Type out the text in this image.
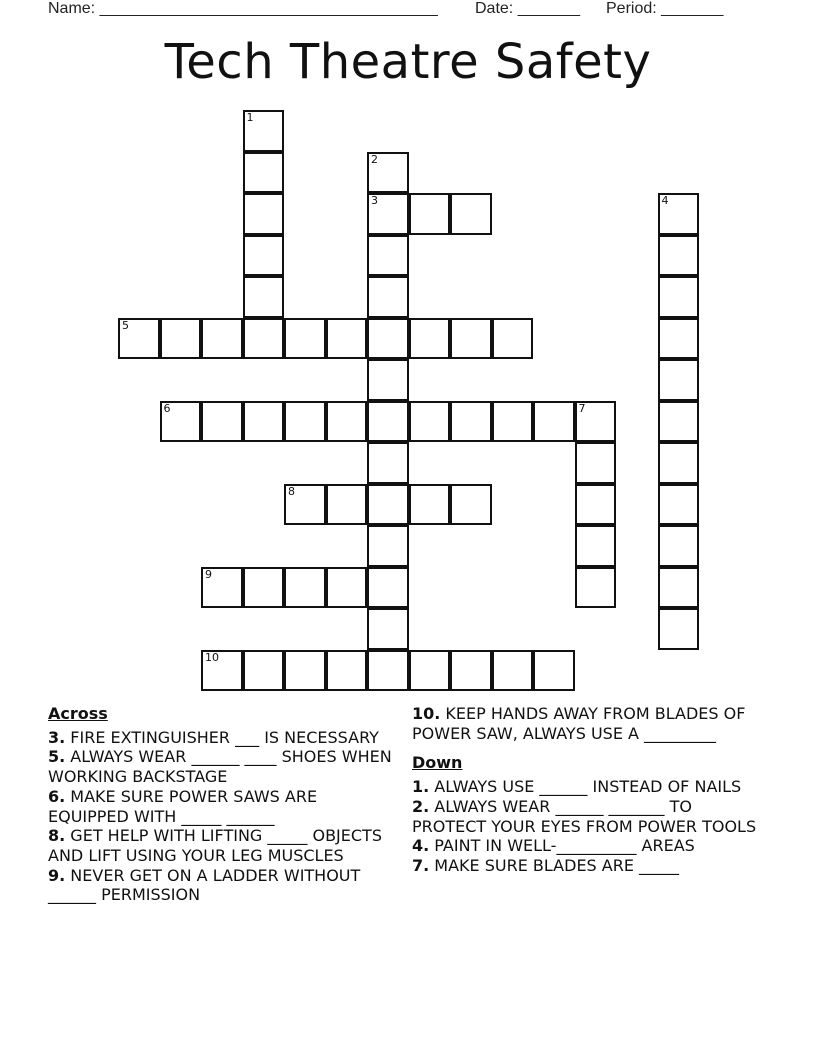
Name: ______________________________________ Date: _______ Period: _______
Tech Theatre Safety
1
2
3	4
5
6	7
8
9
10
Across
3. FIRE EXTINGUISHER ___ IS NECESSARY
5. ALWAYS WEAR ______ ____ SHOES WHEN WORKING BACKSTAGE
6. MAKE SURE POWER SAWS ARE EQUIPPED WITH _____ ______
8. GET HELP WITH LIFTING _____ OBJECTS AND LIFT USING YOUR LEG MUSCLES
9. NEVER GET ON A LADDER WITHOUT ______ PERMISSION
10. KEEP HANDS AWAY FROM BLADES OF POWER SAW, ALWAYS USE A _________
Down
1. ALWAYS USE ______ INSTEAD OF NAILS
2. ALWAYS WEAR ______ _______ TO PROTECT YOUR EYES FROM POWER TOOLS
4. PAINT IN WELL-__________ AREAS
7. MAKE SURE BLADES ARE _____
